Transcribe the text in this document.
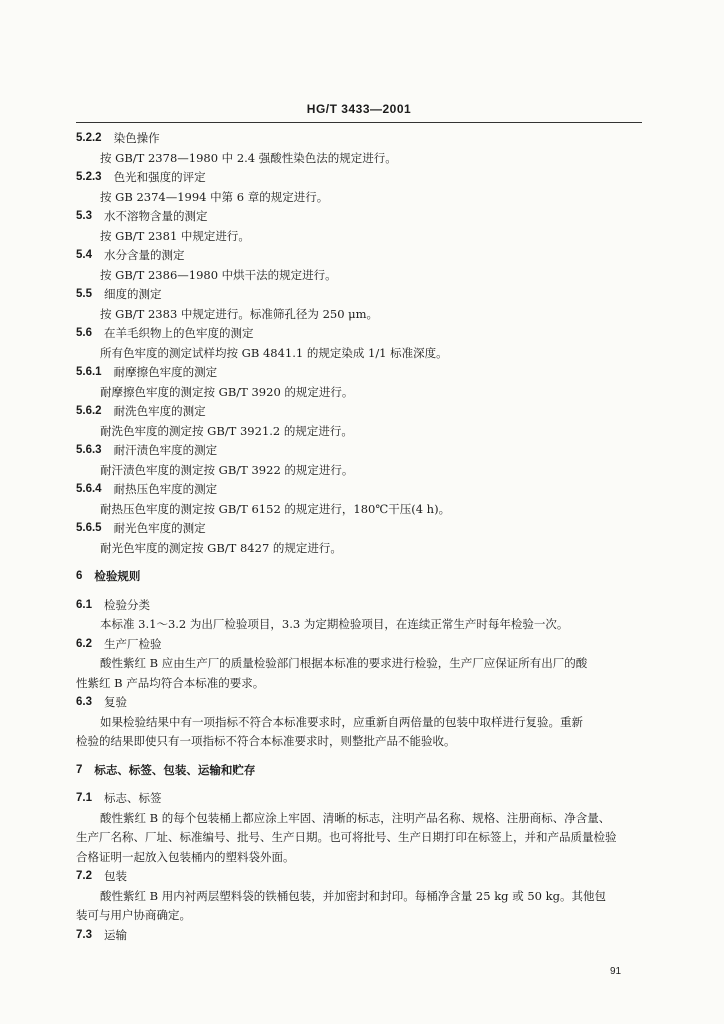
HG/T 3433—2001
5.2.2 染色操作
按 GB/T 2378—1980 中 2.4 强酸性染色法的规定进行。
5.2.3 色光和强度的评定
按 GB 2374—1994 中第 6 章的规定进行。
5.3 水不溶物含量的测定
按 GB/T 2381 中规定进行。
5.4 水分含量的测定
按 GB/T 2386—1980 中烘干法的规定进行。
5.5 细度的测定
按 GB/T 2383 中规定进行。标准筛孔径为 250 μm。
5.6 在羊毛织物上的色牢度的测定
所有色牢度的测定试样均按 GB 4841.1 的规定染成 1/1 标准深度。
5.6.1 耐摩擦色牢度的测定
耐摩擦色牢度的测定按 GB/T 3920 的规定进行。
5.6.2 耐洗色牢度的测定
耐洗色牢度的测定按 GB/T 3921.2 的规定进行。
5.6.3 耐汗渍色牢度的测定
耐汗渍色牢度的测定按 GB/T 3922 的规定进行。
5.6.4 耐热压色牢度的测定
耐热压色牢度的测定按 GB/T 6152 的规定进行，180℃干压(4 h)。
5.6.5 耐光色牢度的测定
耐光色牢度的测定按 GB/T 8427 的规定进行。
6 检验规则
6.1 检验分类
本标准 3.1～3.2 为出厂检验项目，3.3 为定期检验项目，在连续正常生产时每年检验一次。
6.2 生产厂检验
酸性紫红 B 应由生产厂的质量检验部门根据本标准的要求进行检验，生产厂应保证所有出厂的酸
性紫红 B 产品均符合本标准的要求。
6.3 复验
如果检验结果中有一项指标不符合本标准要求时，应重新自两倍量的包装中取样进行复验。重新
检验的结果即使只有一项指标不符合本标准要求时，则整批产品不能验收。
7 标志、标签、包装、运输和贮存
7.1 标志、标签
酸性紫红 B 的每个包装桶上都应涂上牢固、清晰的标志，注明产品名称、规格、注册商标、净含量、
生产厂名称、厂址、标准编号、批号、生产日期。也可将批号、生产日期打印在标签上，并和产品质量检验
合格证明一起放入包装桶内的塑料袋外面。
7.2 包装
酸性紫红 B 用内衬两层塑料袋的铁桶包装，并加密封和封印。每桶净含量 25 kg 或 50 kg。其他包
装可与用户协商确定。
7.3 运输
91
